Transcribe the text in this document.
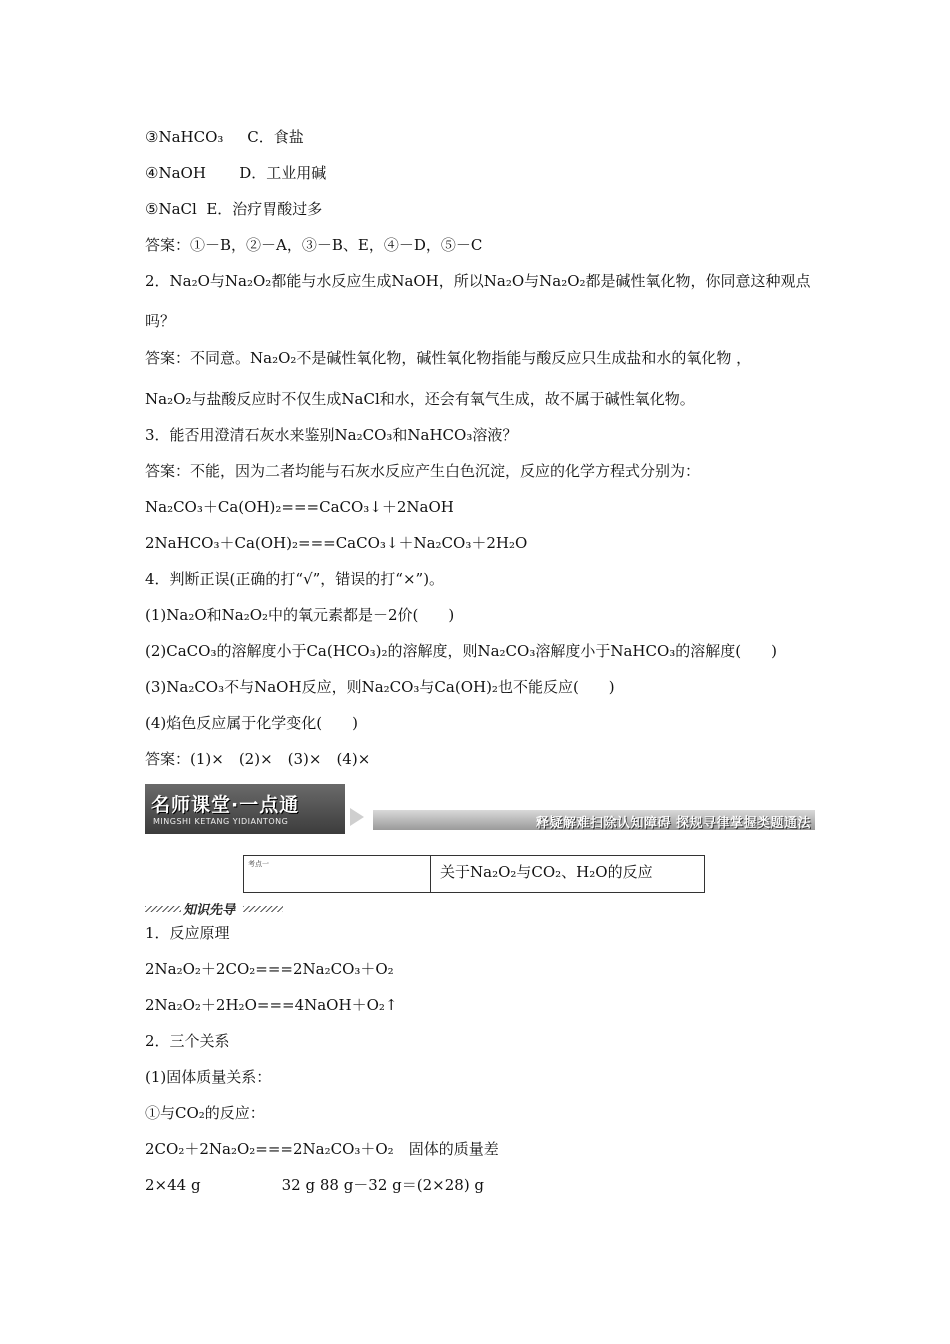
③NaHCO₃     C．食盐
④NaOH       D．工业用碱
⑤NaCl  E．治疗胃酸过多
答案：①－B，②－A，③－B、E，④－D，⑤－C
2．Na₂O与Na₂O₂都能与水反应生成NaOH，所以Na₂O与Na₂O₂都是碱性氧化物，你同意这种观点
吗？
答案：不同意。Na₂O₂不是碱性氧化物，碱性氧化物指能与酸反应只生成盐和水的氧化物 ，
Na₂O₂与盐酸反应时不仅生成NaCl和水，还会有氧气生成，故不属于碱性氧化物。
3．能否用澄清石灰水来鉴别Na₂CO₃和NaHCO₃溶液？
答案：不能，因为二者均能与石灰水反应产生白色沉淀，反应的化学方程式分别为：
Na₂CO₃＋Ca(OH)₂===CaCO₃↓＋2NaOH
2NaHCO₃＋Ca(OH)₂===CaCO₃↓＋Na₂CO₃＋2H₂O
4．判断正误(正确的打“√”，错误的打“×”)。
(1)Na₂O和Na₂O₂中的氧元素都是－2价(　　)
(2)CaCO₃的溶解度小于Ca(HCO₃)₂的溶解度，则Na₂CO₃溶解度小于NaHCO₃的溶解度(　　)
(3)Na₂CO₃不与NaOH反应，则Na₂CO₃与Ca(OH)₂也不能反应(　　)
(4)焰色反应属于化学变化(　　)
答案：(1)×　(2)×　(3)×　(4)×
名师课堂·一点通
MINGSHI KETANG YIDIANTONG	释疑解难扫除认知障碍 探规寻律掌握类题通法
考点一	关于Na₂O₂与CO₂、H₂O的反应
知识先导
1．反应原理
2Na₂O₂＋2CO₂===2Na₂CO₃＋O₂
2Na₂O₂＋2H₂O===4NaOH＋O₂↑
2．三个关系
(1)固体质量关系：
①与CO₂的反应：
2CO₂＋2Na₂O₂===2Na₂CO₃＋O₂　固体的质量差
2×44 g                 32 g 88 g－32 g＝(2×28) g
